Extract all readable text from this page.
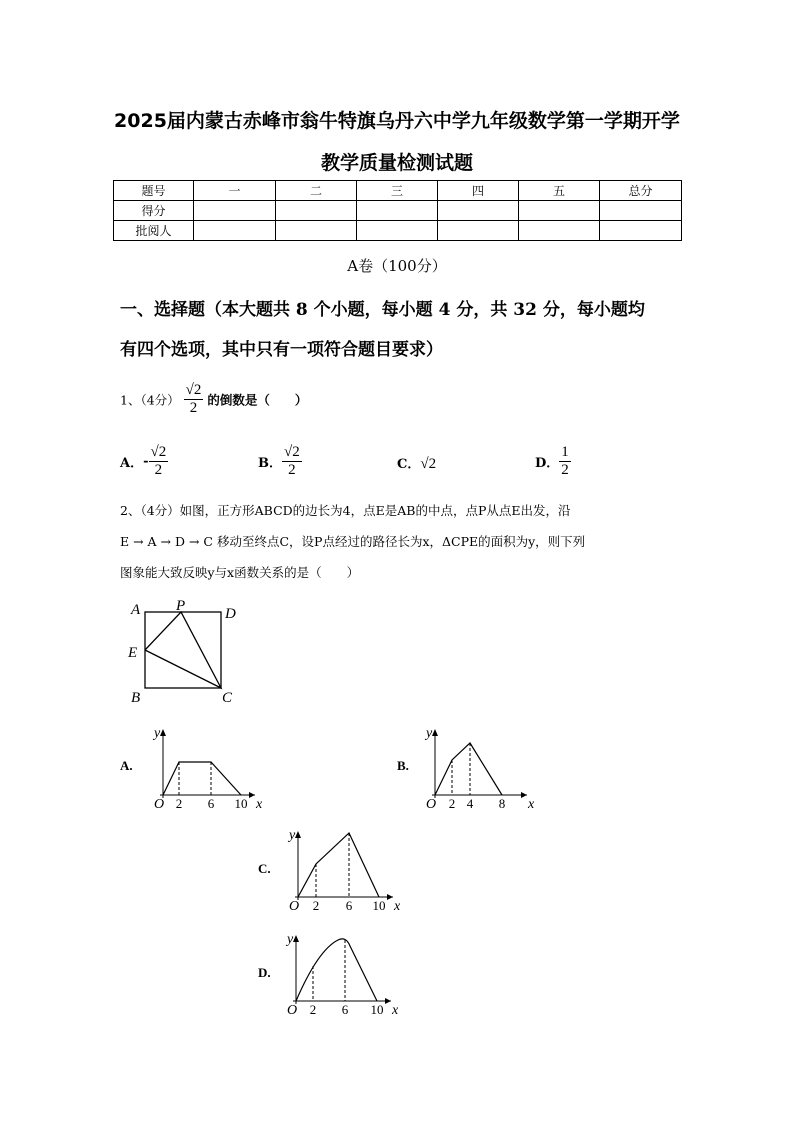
2025届内蒙古赤峰市翁牛特旗乌丹六中学九年级数学第一学期开学
教学质量检测试题
题号	一	二	三	四	五	总分
得分						
批阅人						
A卷（100分）
一、选择题（本大题共 8 个小题，每小题 4 分，共 32 分，每小题均
有四个选项，其中只有一项符合题目要求）
1、（4分） $\frac{√2}{2}$ 的倒数是（　　）
A．- $\frac{√2}{2}$	B． $\frac{√2}{2}$	C．√2	D． $\frac{1}{2}$
2、（4分）如图，正方形ABCD的边长为4，点E是AB的中点，点P从点E出发，沿
E → A → D → C 移动至终点C，设P点经过的路径长为x，ΔCPE的面积为y，则下列
图象能大致反映y与x函数关系的是（　　）
A P	D
E
B	C
A.
O
y
x
2 6 10
B.
O
y
x
2 4 8
C.
O
y
x
2 6 10
D.
O
y
x
2 6 10
